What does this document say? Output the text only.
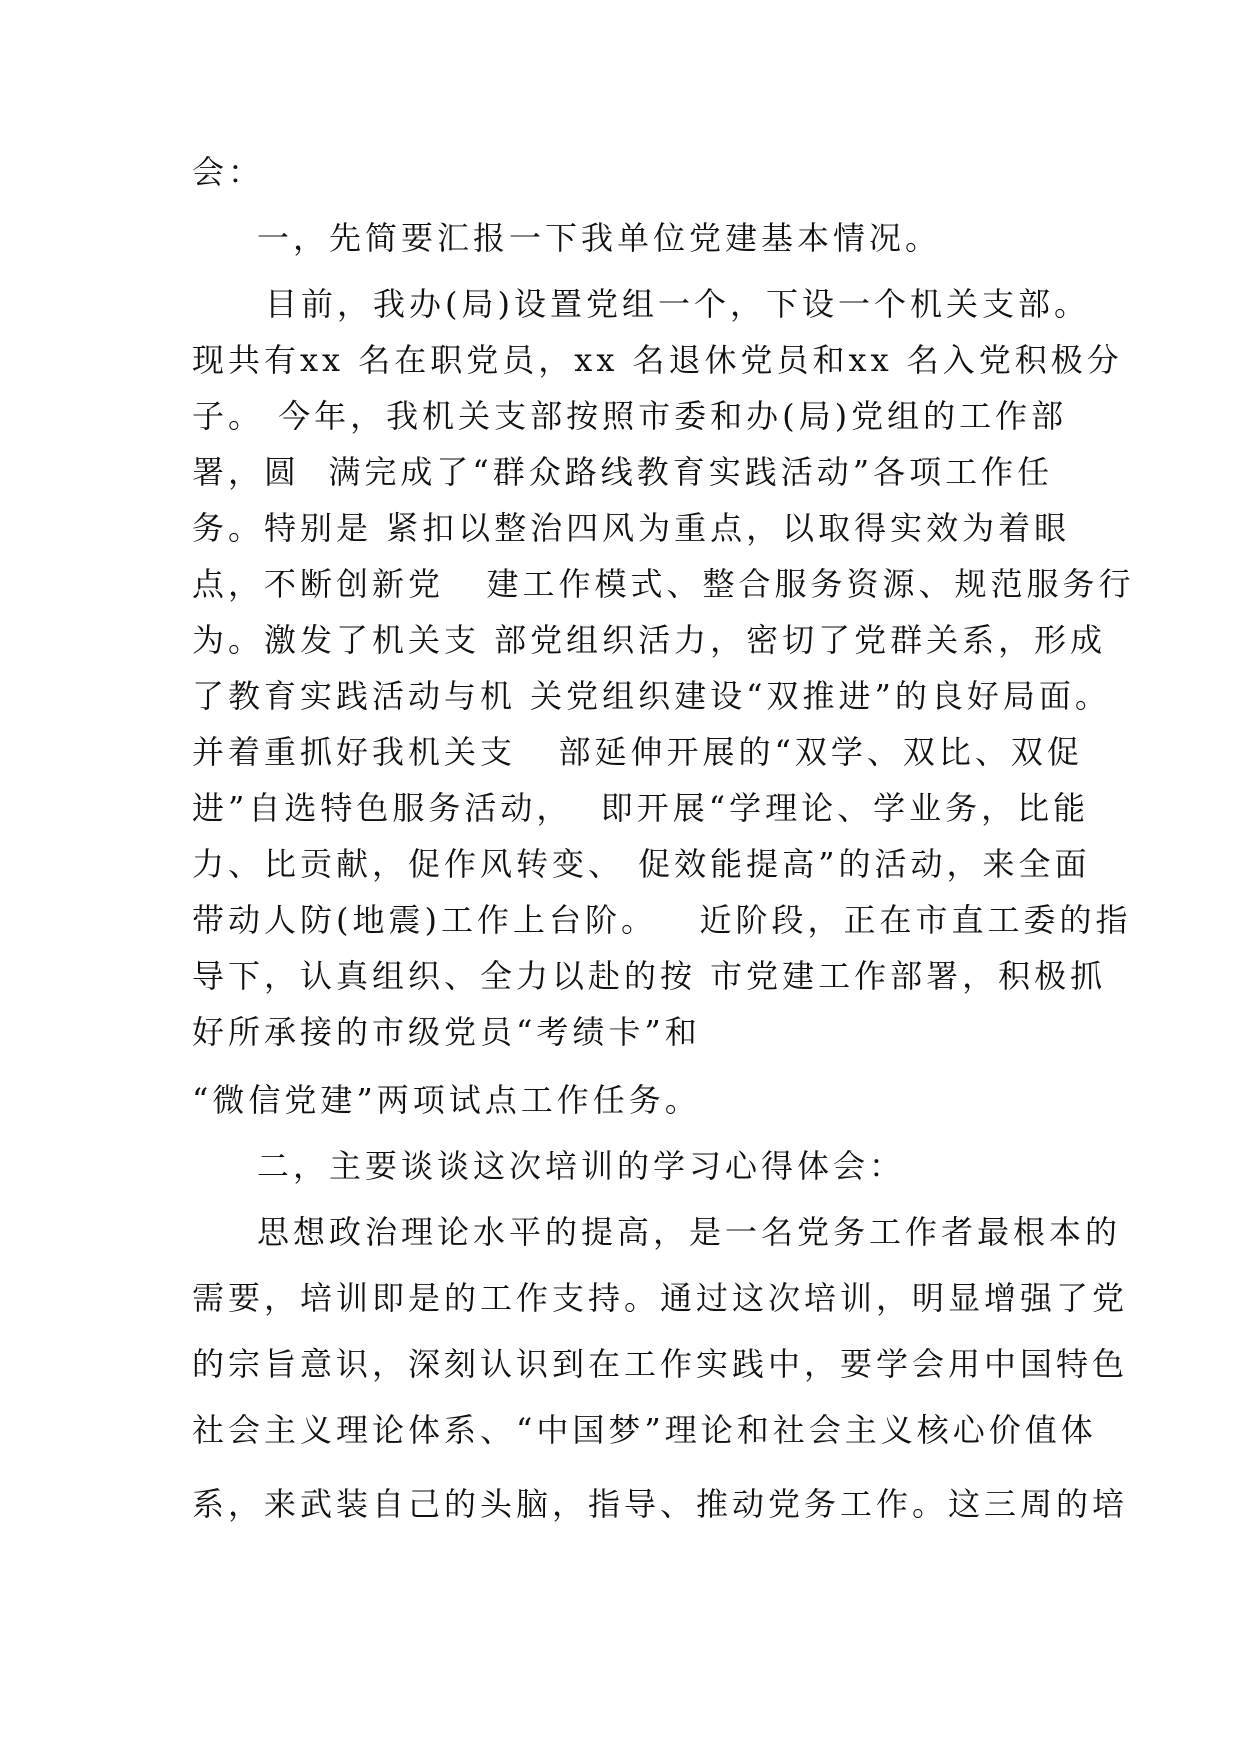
会：
一，先简要汇报一下我单位党建基本情况。
目前，我办(局)设置党组一个，下设一个机关支部。
现共有xx 名在职党员，xx 名退休党员和xx 名入党积极分
子。 今年，我机关支部按照市委和办(局)党组的工作部
署，圆  满完成了“群众路线教育实践活动”各项工作任
务。特别是 紧扣以整治四风为重点，以取得实效为着眼
点，不断创新党   建工作模式、整合服务资源、规范服务行
为。激发了机关支 部党组织活力，密切了党群关系，形成
了教育实践活动与机 关党组织建设“双推进”的良好局面。
并着重抓好我机关支   部延伸开展的“双学、双比、双促
进”自选特色服务活动，  即开展“学理论、学业务，比能
力、比贡献，促作风转变、 促效能提高”的活动，来全面
带动人防(地震)工作上台阶。   近阶段，正在市直工委的指
导下，认真组织、全力以赴的按 市党建工作部署，积极抓
好所承接的市级党员“考绩卡”和
“微信党建”两项试点工作任务。
二，主要谈谈这次培训的学习心得体会：
思想政治理论水平的提高，是一名党务工作者最根本的
需要，培训即是的工作支持。通过这次培训，明显增强了党
的宗旨意识，深刻认识到在工作实践中，要学会用中国特色
社会主义理论体系、“中国梦”理论和社会主义核心价值体
系，来武装自己的头脑，指导、推动党务工作。这三周的培
